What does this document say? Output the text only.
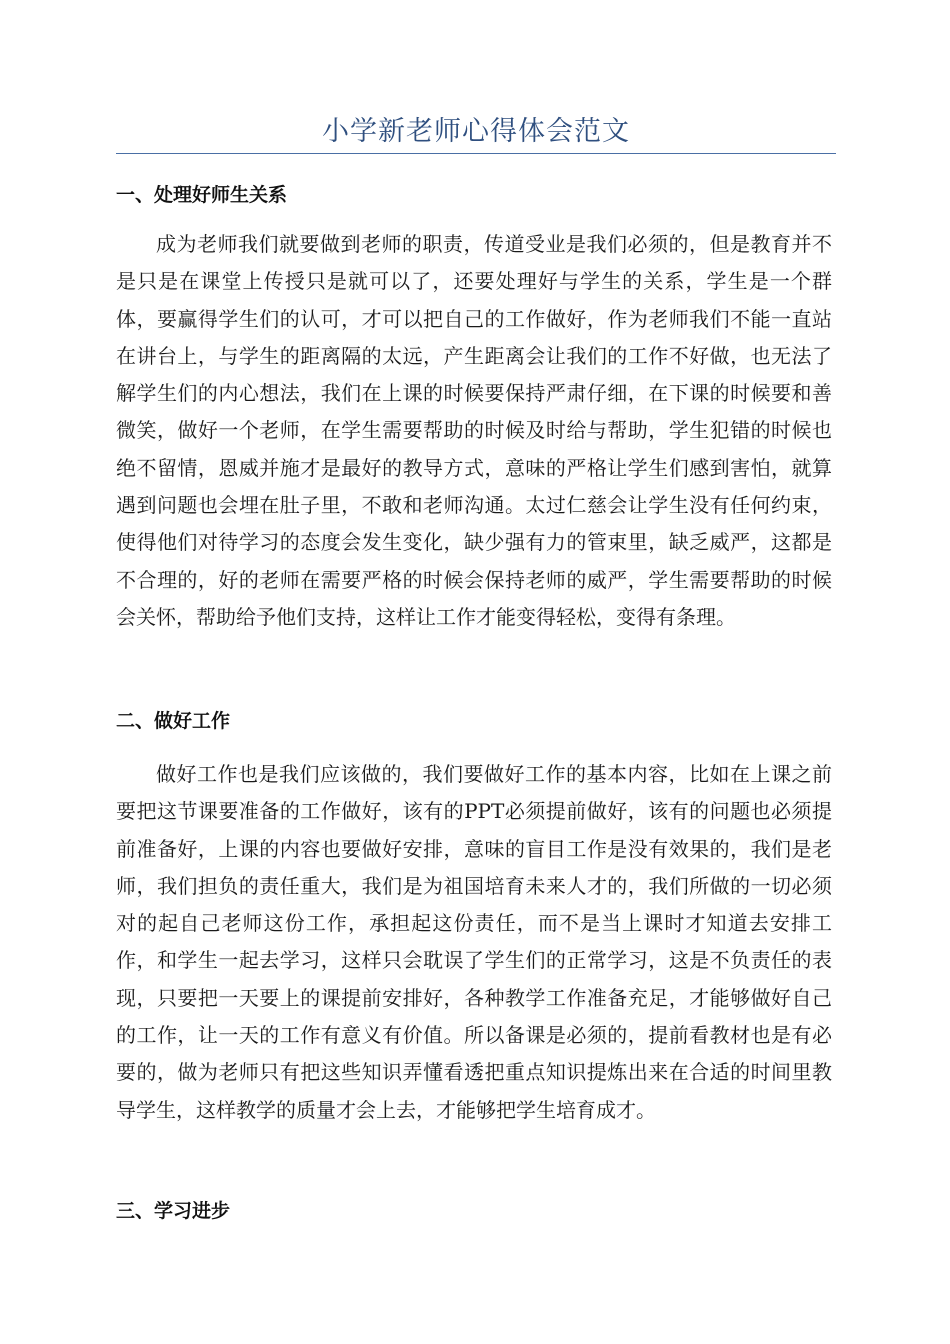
小学新老师心得体会范文
一、处理好师生关系

成为老师我们就要做到老师的职责，传道受业是我们必须的，但是教育并不是只是在课堂上传授只是就可以了，还要处理好与学生的关系，学生是一个群体，要赢得学生们的认可，才可以把自己的工作做好，作为老师我们不能一直站在讲台上，与学生的距离隔的太远，产生距离会让我们的工作不好做，也无法了解学生们的内心想法，我们在上课的时候要保持严肃仔细，在下课的时候要和善微笑，做好一个老师，在学生需要帮助的时候及时给与帮助，学生犯错的时候也绝不留情，恩威并施才是最好的教导方式，意味的严格让学生们感到害怕，就算遇到问题也会埋在肚子里，不敢和老师沟通。太过仁慈会让学生没有任何约束，使得他们对待学习的态度会发生变化，缺少强有力的管束里，缺乏威严，这都是不合理的，好的老师在需要严格的时候会保持老师的威严，学生需要帮助的时候会关怀，帮助给予他们支持，这样让工作才能变得轻松，变得有条理。

二、做好工作

做好工作也是我们应该做的，我们要做好工作的基本内容，比如在上课之前要把这节课要准备的工作做好，该有的PPT必须提前做好，该有的问题也必须提前准备好，上课的内容也要做好安排，意味的盲目工作是没有效果的，我们是老师，我们担负的责任重大，我们是为祖国培育未来人才的，我们所做的一切必须对的起自己老师这份工作，承担起这份责任，而不是当上课时才知道去安排工作，和学生一起去学习，这样只会耽误了学生们的正常学习，这是不负责任的表现，只要把一天要上的课提前安排好，各种教学工作准备充足，才能够做好自己的工作，让一天的工作有意义有价值。所以备课是必须的，提前看教材也是有必要的，做为老师只有把这些知识弄懂看透把重点知识提炼出来在合适的时间里教导学生，这样教学的质量才会上去，才能够把学生培育成才。

三、学习进步
